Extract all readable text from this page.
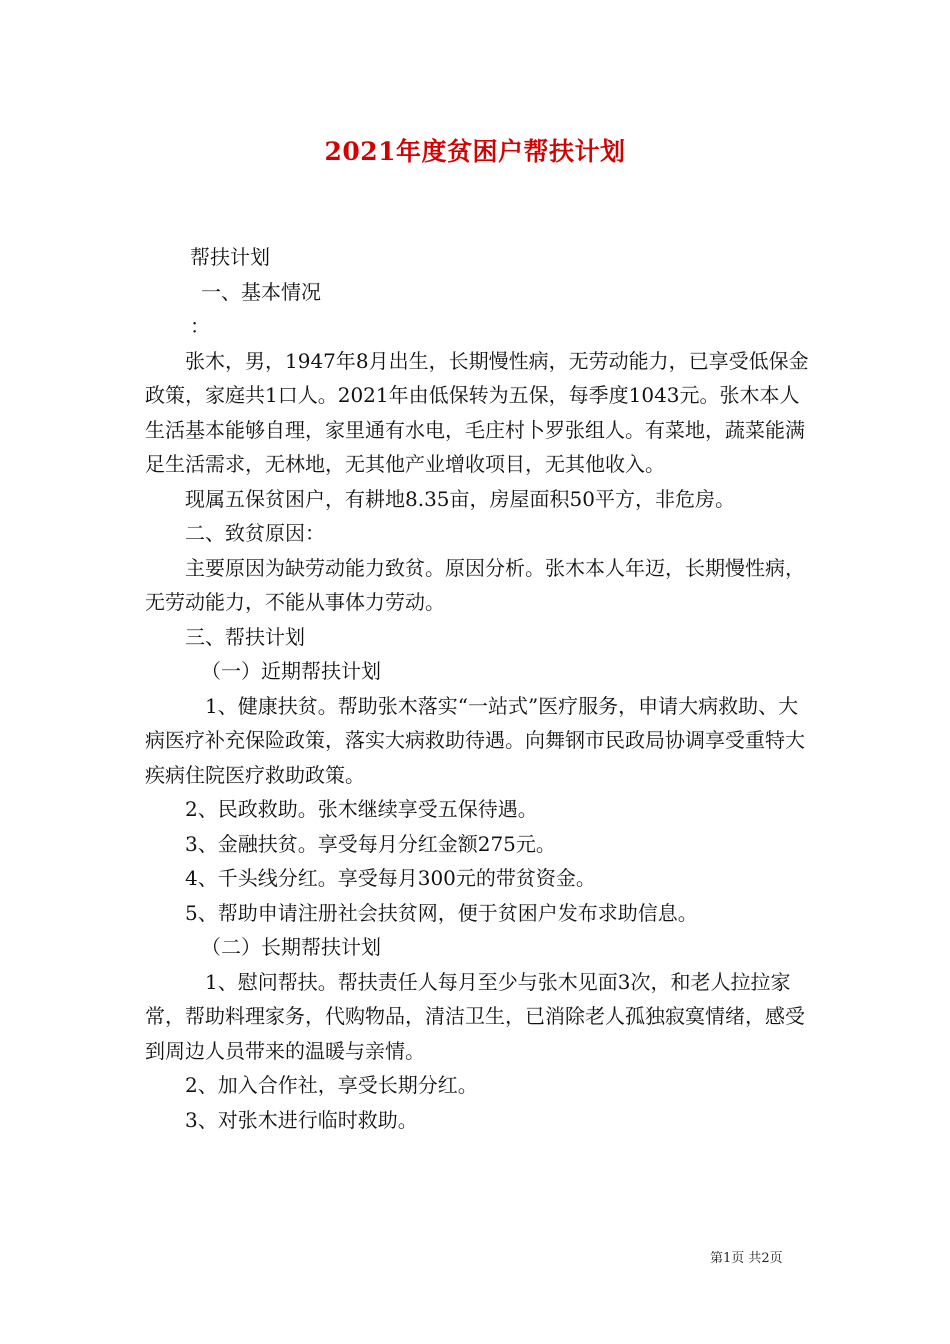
2021年度贫困户帮扶计划

帮扶计划

一、基本情况

：

张木，男，1947年8月出生，长期慢性病，无劳动能力，已享受低保金政策，家庭共1口人。2021年由低保转为五保，每季度1043元。张木本人生活基本能够自理，家里通有水电，毛庄村卜罗张组人。有菜地，蔬菜能满足生活需求，无林地，无其他产业增收项目，无其他收入。

现属五保贫困户，有耕地8.35亩，房屋面积50平方，非危房。

二、致贫原因：

主要原因为缺劳动能力致贫。原因分析。张木本人年迈，长期慢性病，无劳动能力，不能从事体力劳动。

三、帮扶计划

（一）近期帮扶计划

1、健康扶贫。帮助张木落实“一站式”医疗服务，申请大病救助、大病医疗补充保险政策，落实大病救助待遇。向舞钢市民政局协调享受重特大疾病住院医疗救助政策。

2、民政救助。张木继续享受五保待遇。

3、金融扶贫。享受每月分红金额275元。

4、千头线分红。享受每月300元的带贫资金。

5、帮助申请注册社会扶贫网，便于贫困户发布求助信息。

（二）长期帮扶计划

1、慰问帮扶。帮扶责任人每月至少与张木见面3次，和老人拉拉家常，帮助料理家务，代购物品，清洁卫生，已消除老人孤独寂寞情绪，感受到周边人员带来的温暖与亲情。

2、加入合作社，享受长期分红。

3、对张木进行临时救助。

第1页 共2页
